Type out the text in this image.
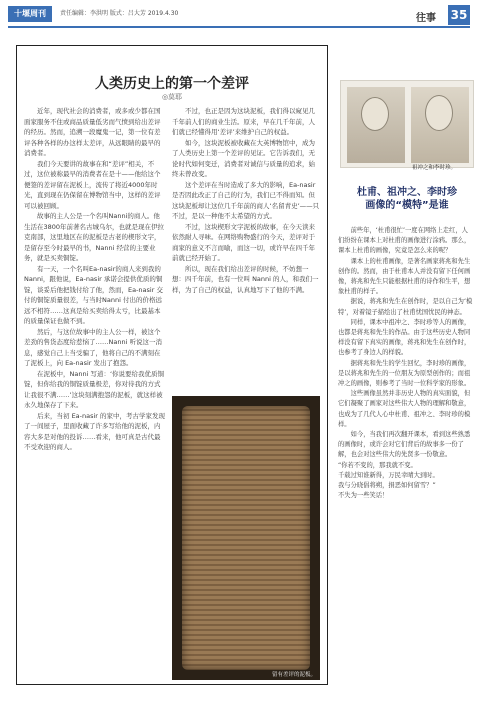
十堰周刊	责任编辑：李洪明 版式：吕大芳 2019.4.30	往事 35
人类历史上的第一个差评
◎莫耶

近年，现代社会的消费者，或多或少都在国面家服务不住或商品质量低劣而气愤到给出差评的经历。然而，追溯一段魔鬼一记，第一位有差评各种各样的办这样太差评，从远眼睛的最早的消费者。

我们今天要讲的故事在和“差评”相关，不过，这位被称最早的消费者在是十——他给这个便签的差评留在泥板上，流传了将近4000年时光，直到现在仍保留在博物馆当中，这样的差评可以被回顾。

故事的主人公是一个名叫Nanni的商人。他生活在3800年前著名古城乌尔，也就是现在伊拉克南部，这里地区在的泥板是古老的楔形文字，是留存至今时最早的书，Nanni 经营的主要业务，就是买卖铜锭。

有一天，一个名叫Ea-nasir的商人来到我的 Nanni，跟他说，Ea-nasir 承诺会提供优质的铜锭，谈妥后他把钱付给了他，然而，Ea-nasir 交付的铜锭质量很差，与当时Nanni 付出的价格远远不相符……这真是给买卖给得太亏，比最基本的质量保证也做不到。

然后，与这位故事中的主人公一样，被这个差劲的售货态度给惹恼了……Nanni 听说这一消息，感觉自己上当受骗了，他将自己的不满刻在了泥板上，向 Ea-nasir 发出了抱怨。

在泥板中，Nanni 写道：‘你说要给我优质铜锭，但你给我的铜锭质量极差，你对待我的方式让我很不满……’这块刻满抱怨的泥板，就这样被永久地保存了下来。

后来，当初 Ea-nasir 的家中，考古学家发现了一间屋子，里面收藏了许多写给他的泥板，内容大多是对他的投诉……看来，他可真是古代最不受欢迎的商人。

不过，也正是因为这块泥板，我们得以窥见几千年前人们的商业生活。原来，早在几千年前，人们就已经懂得用‘差评’来维护自己的权益。

如今，这块泥板被收藏在大英博物馆中，成为了人类历史上第一个差评的见证。它告诉我们，无论时代如何变迁，消费者对诚信与质量的追求，始终未曾改变。

这个差评在当时造成了多大的影响，Ea-nasir 是否因此改正了自己的行为，我们已不得而知。但这块泥板却让这位几千年前的商人‘名留青史’——只不过，是以一种他不太希望的方式。

不过，这块楔形文字泥板的故事，在今天读来依然耐人寻味。在网络购物盛行的今天，差评对于商家的意义不言而喻，而这一切，或许早在四千年前就已经开始了。

所以，现在我们给出差评的时候，不妨想一想：四千年前，也有一位叫 Nanni 的人，和我们一样，为了自己的权益，认真地写下了他的不满。

留有差评的泥板。
祖冲之和李时珍。
杜甫、祖冲之、李时珍
画像的“模特”是谁

前些年，‘杜甫很忙’一度在网络上走红，人们纷纷在课本上对杜甫的画像进行涂鸦。那么，课本上杜甫的画像，究竟是怎么来的呢？

课本上的杜甫画像，是著名画家蒋兆和先生创作的。然而，由于杜甫本人并没有留下任何画像，蒋兆和先生只能根据杜甫的诗作和生平，想象杜甫的样子。

据说，蒋兆和先生在创作时，是以自己为‘模特’，对着镜子描绘出了杜甫忧国忧民的神态。

同样，课本中祖冲之、李时珍等人的画像，也都是蒋兆和先生的作品。由于这些历史人物同样没有留下真实的画像，蒋兆和先生在创作时，也参考了身边人的样貌。

据蒋兆和先生的学生回忆，李时珍的画像，是以蒋兆和先生的一位朋友为原型创作的；而祖冲之的画像，则参考了当时一位科学家的形象。

这些画像虽然并非历史人物的真实面貌，但它们凝聚了画家对这些伟大人物的理解和敬意，也成为了几代人心中杜甫、祖冲之、李时珍的模样。

如今，当我们再次翻开课本，看到这些熟悉的画像时，或许会对它们背后的故事多一份了解，也会对这些伟大的先贤多一份敬意。

“你若不变的，那我就不变。
千载过知谁新得，万民幸晴大到时。
我与分晓倡将朔，捐恶如何留雪？”
不失为一些笑话！
